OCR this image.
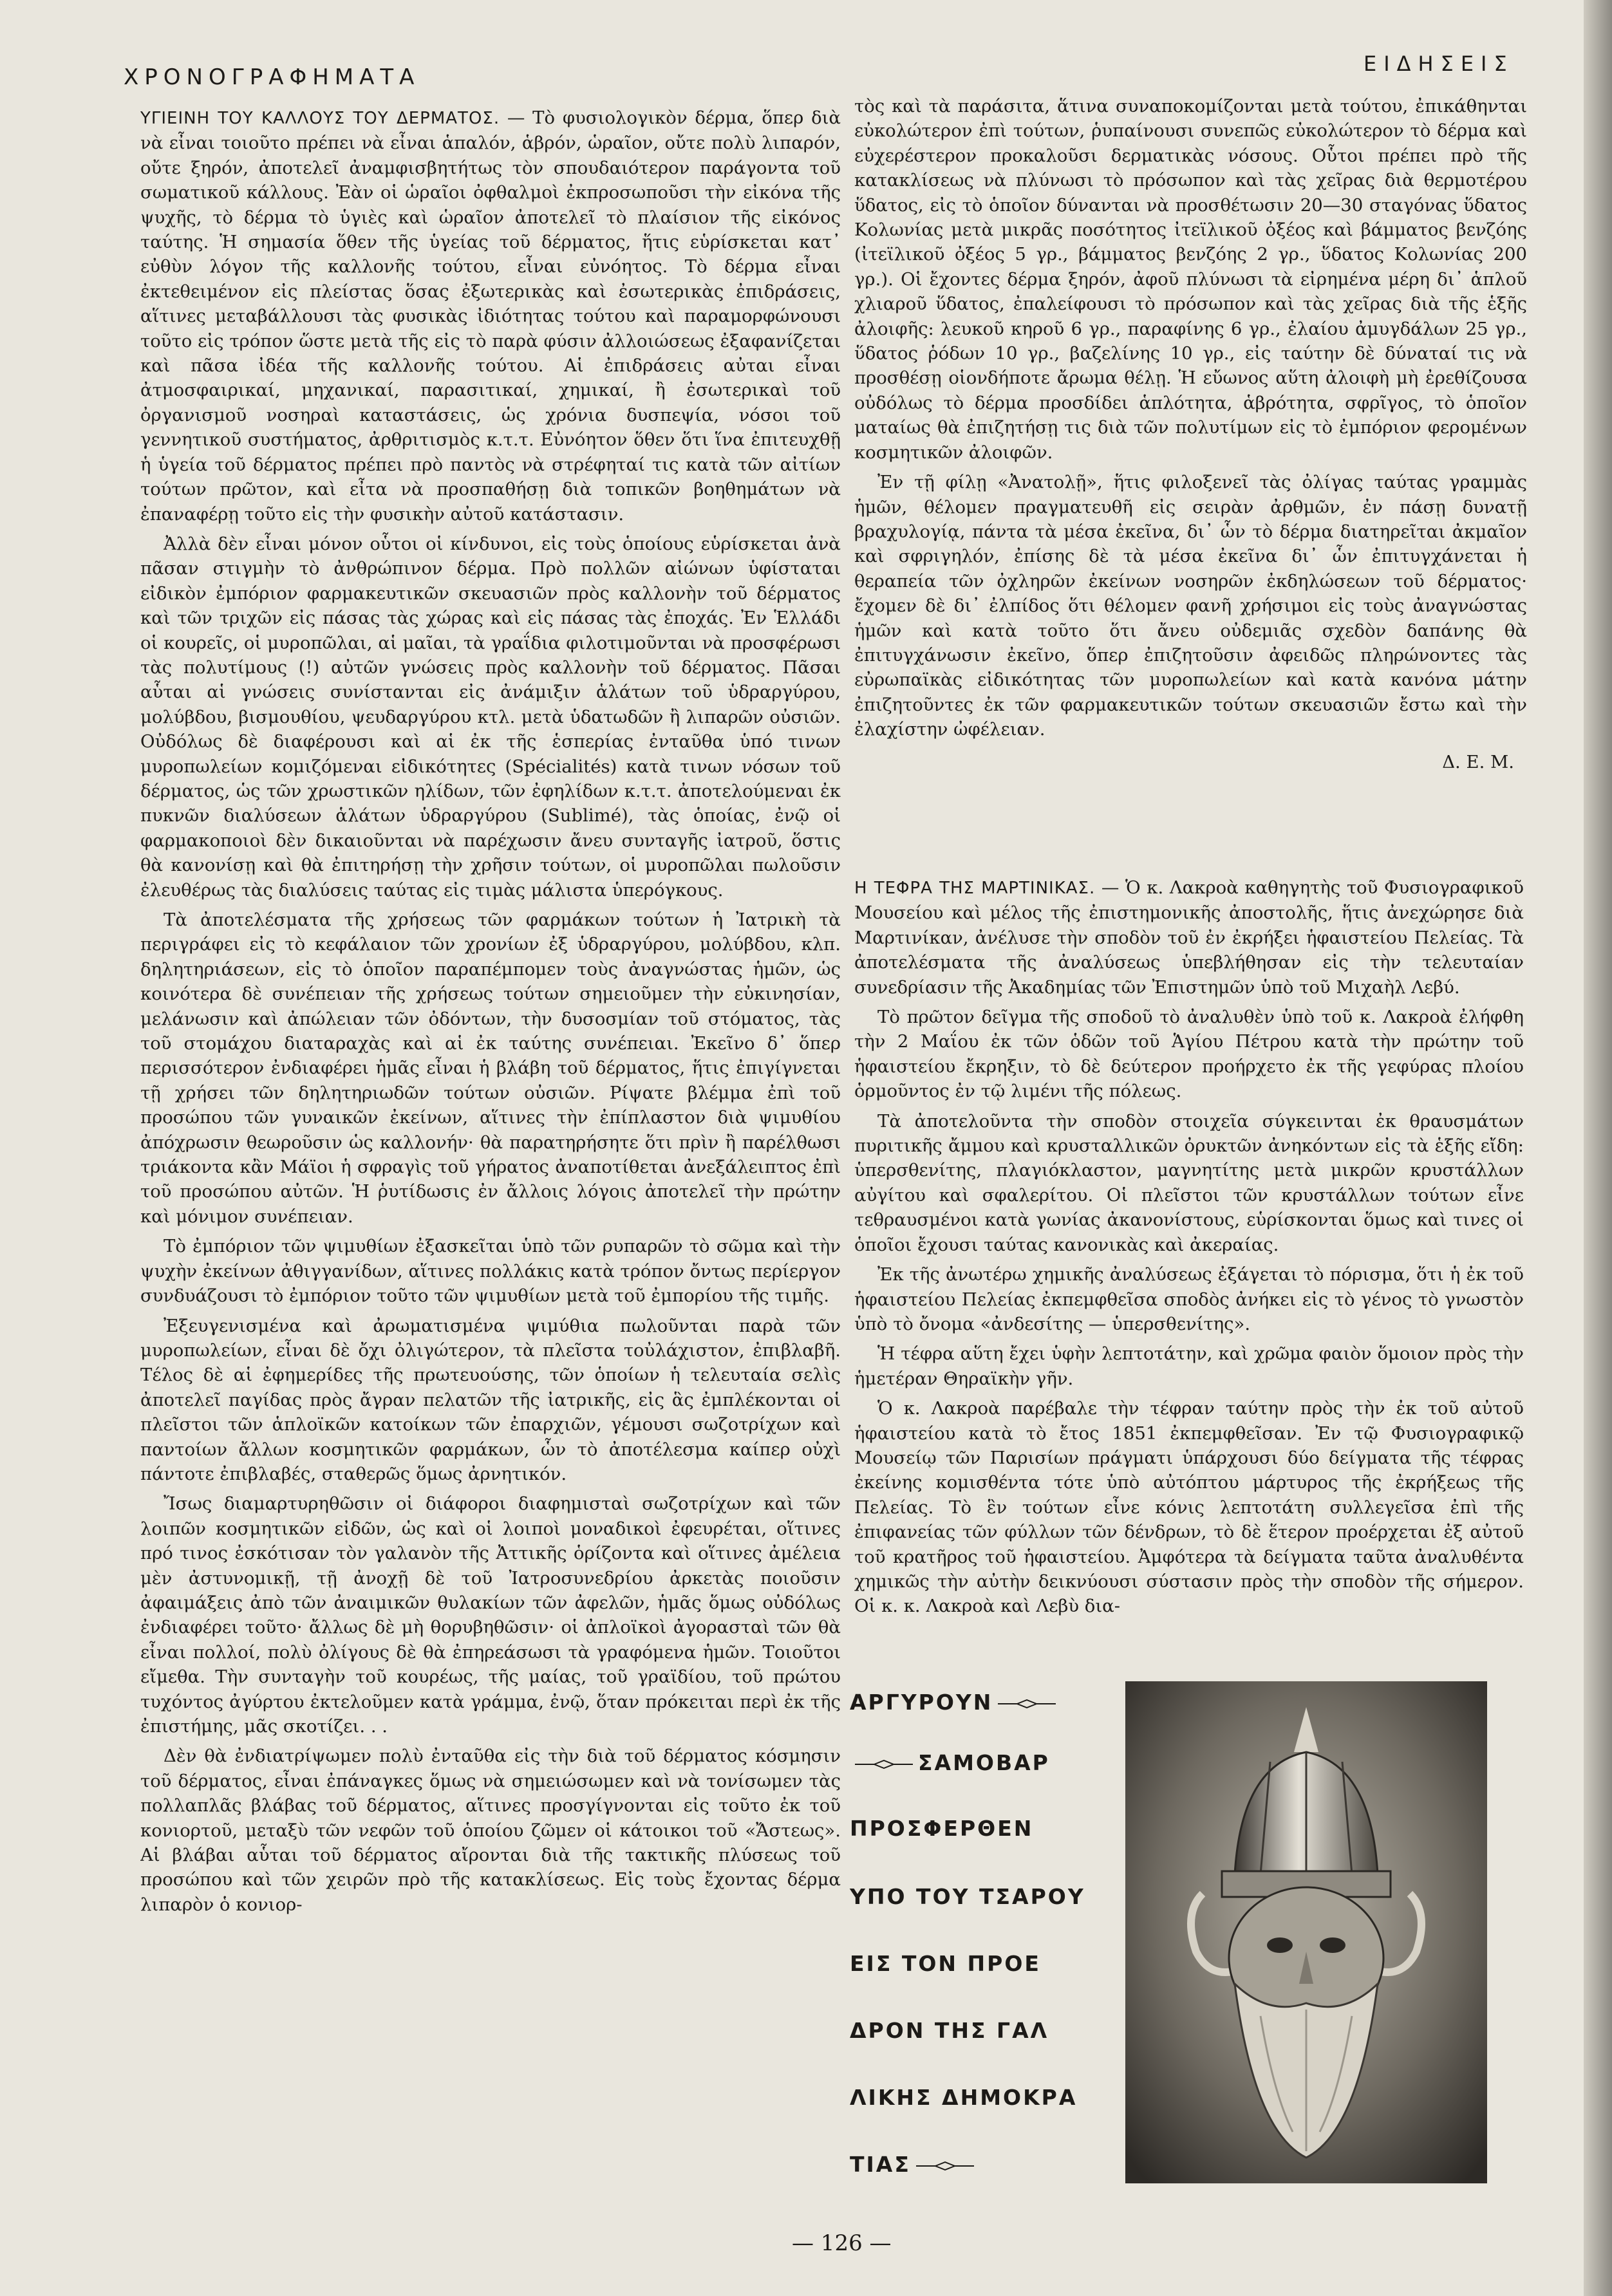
ΧΡΟΝΟΓΡΑΦΗΜΑΤΑ
ΕΙΔΗΣΕΙΣ

ΥΓΙΕΙΝΗ ΤΟΥ ΚΑΛΛΟΥΣ ΤΟΥ ΔΕΡΜΑΤΟΣ. — Τὸ φυσιολογικὸν δέρμα, ὅπερ διὰ νὰ εἶναι τοιοῦτο πρέπει νὰ εἶναι ἁπαλόν, ἁβρόν, ὡραῖον, οὔτε πολὺ λιπαρόν, οὔτε ξηρόν, ἀποτελεῖ ἀναμφισβητήτως τὸν σπουδαιότερον παράγοντα τοῦ σωματικοῦ κάλλους. Ἐὰν οἱ ὡραῖοι ὀφθαλμοὶ ἐκπροσωποῦσι τὴν εἰκόνα τῆς ψυχῆς, τὸ δέρμα τὸ ὑγιὲς καὶ ὡραῖον ἀποτελεῖ τὸ πλαίσιον τῆς εἰκόνος ταύτης. Ἡ σημασία ὅθεν τῆς ὑγείας τοῦ δέρματος, ἥτις εὑρίσκεται κατ᾿ εὐθὺν λόγον τῆς καλλονῆς τούτου, εἶναι εὐνόητος. Τὸ δέρμα εἶναι ἐκτεθειμένον εἰς πλείστας ὅσας ἐξωτερικὰς καὶ ἐσωτερικὰς ἐπιδράσεις, αἵτινες μεταβάλλουσι τὰς φυσικὰς ἰδιότητας τούτου καὶ παραμορφώνουσι τοῦτο εἰς τρόπον ὥστε μετὰ τῆς εἰς τὸ παρὰ φύσιν ἀλλοιώσεως ἐξαφανίζεται καὶ πᾶσα ἰδέα τῆς καλλονῆς τούτου. Αἱ ἐπιδράσεις αὐται εἶναι ἀτμοσφαιρικαί, μηχανικαί, παρασιτικαί, χημικαί, ἢ ἐσωτερικαὶ τοῦ ὀργανισμοῦ νοσηραὶ καταστάσεις, ὡς χρόνια δυσπεψία, νόσοι τοῦ γεννητικοῦ συστήματος, ἀρθριτισμὸς κ.τ.τ. Εὐνόητον ὅθεν ὅτι ἵνα ἐπιτευχθῇ ἡ ὑγεία τοῦ δέρματος πρέπει πρὸ παντὸς νὰ στρέφηταί τις κατὰ τῶν αἰτίων τούτων πρῶτον, καὶ εἶτα νὰ προσπαθήσῃ διὰ τοπικῶν βοηθημάτων νὰ ἐπαναφέρῃ τοῦτο εἰς τὴν φυσικὴν αὐτοῦ κατάστασιν.

Ἀλλὰ δὲν εἶναι μόνον οὗτοι οἱ κίνδυνοι, εἰς τοὺς ὁποίους εὑρίσκεται ἀνὰ πᾶσαν στιγμὴν τὸ ἀνθρώπινον δέρμα. Πρὸ πολλῶν αἰώνων ὑφίσταται εἰδικὸν ἐμπόριον φαρμακευτικῶν σκευασιῶν πρὸς καλλονὴν τοῦ δέρματος καὶ τῶν τριχῶν εἰς πάσας τὰς χώρας καὶ εἰς πάσας τὰς ἐποχάς. Ἐν Ἑλλάδι οἱ κουρεῖς, οἱ μυροπῶλαι, αἱ μαῖαι, τὰ γραΐδια φιλοτιμοῦνται νὰ προσφέρωσι τὰς πολυτίμους (!) αὐτῶν γνώσεις πρὸς καλλονὴν τοῦ δέρματος. Πᾶσαι αὗται αἱ γνώσεις συνίστανται εἰς ἀνάμιξιν ἁλάτων τοῦ ὑδραργύρου, μολύβδου, βισμουθίου, ψευδαργύρου κτλ. μετὰ ὑδατωδῶν ἢ λιπαρῶν οὐσιῶν. Οὐδόλως δὲ διαφέρουσι καὶ αἱ ἐκ τῆς ἑσπερίας ἐνταῦθα ὑπό τινων μυροπωλείων κομιζόμεναι εἰδικότητες (Spécialités) κατὰ τινων νόσων τοῦ δέρματος, ὡς τῶν χρωστικῶν ηλίδων, τῶν ἐφηλίδων κ.τ.τ. ἀποτελούμεναι ἐκ πυκνῶν διαλύσεων ἁλάτων ὑδραργύρου (Sublimé), τὰς ὁποίας, ἐνῷ οἱ φαρμακοποιοὶ δὲν δικαιοῦνται νὰ παρέχωσιν ἄνευ συνταγῆς ἰατροῦ, ὅστις θὰ κανονίσῃ καὶ θὰ ἐπιτηρήσῃ τὴν χρῆσιν τούτων, οἱ μυροπῶλαι πωλοῦσιν ἐλευθέρως τὰς διαλύσεις ταύτας εἰς τιμὰς μάλιστα ὑπερόγκους.

Τὰ ἀποτελέσματα τῆς χρήσεως τῶν φαρμάκων τούτων ἡ Ἰατρικὴ τὰ περιγράφει εἰς τὸ κεφάλαιον τῶν χρονίων ἐξ ὑδραργύρου, μολύβδου, κλπ. δηλητηριάσεων, εἰς τὸ ὁποῖον παραπέμπομεν τοὺς ἀναγνώστας ἡμῶν, ὡς κοινότερα δὲ συνέπειαν τῆς χρήσεως τούτων σημειοῦμεν τὴν εὐκινησίαν, μελάνωσιν καὶ ἀπώλειαν τῶν ὀδόντων, τὴν δυσοσμίαν τοῦ στόματος, τὰς τοῦ στομάχου διαταραχὰς καὶ αἱ ἐκ ταύτης συνέπειαι. Ἐκεῖνο δ᾿ ὅπερ περισσότερον ἐνδιαφέρει ἡμᾶς εἶναι ἡ βλάβη τοῦ δέρματος, ἥτις ἐπιγίγνεται τῇ χρήσει τῶν δηλητηριωδῶν τούτων οὐσιῶν. Ρίψατε βλέμμα ἐπὶ τοῦ προσώπου τῶν γυναικῶν ἐκείνων, αἵτινες τὴν ἐπίπλαστον διὰ ψιμυθίου ἀπόχρωσιν θεωροῦσιν ὡς καλλονήν· θὰ παρατηρήσητε ὅτι πρὶν ἢ παρέλθωσι τριάκοντα κἂν Μάϊοι ἡ σφραγὶς τοῦ γήρατος ἀναποτίθεται ἀνεξάλειπτος ἐπὶ τοῦ προσώπου αὐτῶν. Ἡ ῥυτίδωσις ἐν ἄλλοις λόγοις ἀποτελεῖ τὴν πρώτην καὶ μόνιμον συνέπειαν.

Τὸ ἐμπόριον τῶν ψιμυθίων ἐξασκεῖται ὑπὸ τῶν ρυπαρῶν τὸ σῶμα καὶ τὴν ψυχὴν ἐκείνων ἀθιγγανίδων, αἵτινες πολλάκις κατὰ τρόπον ὄντως περίεργον συνδυάζουσι τὸ ἐμπόριον τοῦτο τῶν ψιμυθίων μετὰ τοῦ ἐμπορίου τῆς τιμῆς.

Ἐξευγενισμένα καὶ ἀρωματισμένα ψιμύθια πωλοῦνται παρὰ τῶν μυροπωλείων, εἶναι δὲ ὄχι ὀλιγώτερον, τὰ πλεῖστα τοὐλάχιστον, ἐπιβλαβῆ. Τέλος δὲ αἱ ἐφημερίδες τῆς πρωτευούσης, τῶν ὁποίων ἡ τελευταία σελὶς ἀποτελεῖ παγίδας πρὸς ἄγραν πελατῶν τῆς ἰατρικῆς, εἰς ἃς ἐμπλέκονται οἱ πλεῖστοι τῶν ἁπλοϊκῶν κατοίκων τῶν ἐπαρχιῶν, γέμουσι σωζοτρίχων καὶ παντοίων ἄλλων κοσμητικῶν φαρμάκων, ὧν τὸ ἀποτέλεσμα καίπερ οὐχὶ πάντοτε ἐπιβλαβές, σταθερῶς ὅμως ἀρνητικόν.

Ἴσως διαμαρτυρηθῶσιν οἱ διάφοροι διαφημισταὶ σωζοτρίχων καὶ τῶν λοιπῶν κοσμητικῶν εἰδῶν, ὡς καὶ οἱ λοιποὶ μοναδικοὶ ἐφευρέται, οἵτινες πρό τινος ἐσκότισαν τὸν γαλανὸν τῆς Ἀττικῆς ὁρίζοντα καὶ οἵτινες ἀμέλεια μὲν ἀστυνομικῇ, τῇ ἀνοχῇ δὲ τοῦ Ἰατροσυνεδρίου ἀρκετὰς ποιοῦσιν ἀφαιμάξεις ἀπὸ τῶν ἀναιμικῶν θυλακίων τῶν ἀφελῶν, ἡμᾶς ὅμως οὐδόλως ἐνδιαφέρει τοῦτο· ἄλλως δὲ μὴ θορυβηθῶσιν· οἱ ἀπλοϊκοὶ ἀγορασταὶ τῶν θὰ εἶναι πολλοί, πολὺ ὀλίγους δὲ θὰ ἐπηρεάσωσι τὰ γραφόμενα ἡμῶν. Τοιοῦτοι εἴμεθα. Τὴν συνταγὴν τοῦ κουρέως, τῆς μαίας, τοῦ γραϊδίου, τοῦ πρώτου τυχόντος ἀγύρτου ἐκτελοῦμεν κατὰ γράμμα, ἐνῷ, ὅταν πρόκειται περὶ ἐκ τῆς ἐπιστήμης, μᾶς σκοτίζει. . .

Δὲν θὰ ἐνδιατρίψωμεν πολὺ ἐνταῦθα εἰς τὴν διὰ τοῦ δέρματος κόσμησιν τοῦ δέρματος, εἶναι ἐπάναγκες ὅμως νὰ σημειώσωμεν καὶ νὰ τονίσωμεν τὰς πολλαπλᾶς βλάβας τοῦ δέρματος, αἵτινες προσγίγνονται εἰς τοῦτο ἐκ τοῦ κονιορτοῦ, μεταξὺ τῶν νεφῶν τοῦ ὁποίου ζῶμεν οἱ κάτοικοι τοῦ «Ἄστεως». Αἱ βλάβαι αὗται τοῦ δέρματος αἴρονται διὰ τῆς τακτικῆς πλύσεως τοῦ προσώπου καὶ τῶν χειρῶν πρὸ τῆς κατακλίσεως. Εἰς τοὺς ἔχοντας δέρμα λιπαρὸν ὁ κονιορ-

τὸς καὶ τὰ παράσιτα, ἅτινα συναποκομίζονται μετὰ τούτου, ἐπικάθηνται εὐκολώτερον ἐπὶ τούτων, ῥυπαίνουσι συνεπῶς εὐκολώτερον τὸ δέρμα καὶ εὐχερέστερον προκαλοῦσι δερματικὰς νόσους. Οὗτοι πρέπει πρὸ τῆς κατακλίσεως νὰ πλύνωσι τὸ πρόσωπον καὶ τὰς χεῖρας διὰ θερμοτέρου ὕδατος, εἰς τὸ ὁποῖον δύνανται νὰ προσθέτωσιν 20—30 σταγόνας ὕδατος Κολωνίας μετὰ μικρᾶς ποσότητος ἰτεϊλικοῦ ὀξέος καὶ βάμματος βενζόης (ἰτεϊλικοῦ ὀξέος 5 γρ., βάμματος βενζόης 2 γρ., ὕδατος Κολωνίας 200 γρ.). Οἱ ἔχοντες δέρμα ξηρόν, ἀφοῦ πλύνωσι τὰ εἰρημένα μέρη δι᾿ ἁπλοῦ χλιαροῦ ὕδατος, ἐπαλείφουσι τὸ πρόσωπον καὶ τὰς χεῖρας διὰ τῆς ἑξῆς ἀλοιφῆς: λευκοῦ κηροῦ 6 γρ., παραφίνης 6 γρ., ἐλαίου ἀμυγδάλων 25 γρ., ὕδατος ῥόδων 10 γρ., βαζελίνης 10 γρ., εἰς ταύτην δὲ δύναταί τις νὰ προσθέσῃ οἱονδήποτε ἄρωμα θέλῃ. Ἡ εὔωνος αὕτη ἀλοιφὴ μὴ ἐρεθίζουσα οὐδόλως τὸ δέρμα προσδίδει ἁπλότητα, ἁβρότητα, σφρῖγος, τὸ ὁποῖον ματαίως θὰ ἐπιζητήσῃ τις διὰ τῶν πολυτίμων εἰς τὸ ἐμπόριον φερομένων κοσμητικῶν ἀλοιφῶν.

Ἐν τῇ φίλῃ «Ἀνατολῇ», ἥτις φιλοξενεῖ τὰς ὀλίγας ταύτας γραμμὰς ἡμῶν, θέλομεν πραγματευθῆ εἰς σειρὰν ἀρθμῶν, ἐν πάσῃ δυνατῇ βραχυλογίᾳ, πάντα τὰ μέσα ἐκεῖνα, δι᾿ ὧν τὸ δέρμα διατηρεῖται ἀκμαῖον καὶ σφριγηλόν, ἐπίσης δὲ τὰ μέσα ἐκεῖνα δι᾿ ὧν ἐπιτυγχάνεται ἡ θεραπεία τῶν ὀχληρῶν ἐκείνων νοσηρῶν ἐκδηλώσεων τοῦ δέρματος· ἔχομεν δὲ δι᾿ ἐλπίδος ὅτι θέλομεν φανῆ χρήσιμοι εἰς τοὺς ἀναγνώστας ἡμῶν καὶ κατὰ τοῦτο ὅτι ἄνευ οὐδεμιᾶς σχεδὸν δαπάνης θὰ ἐπιτυγχάνωσιν ἐκεῖνο, ὅπερ ἐπιζητοῦσιν ἀφειδῶς πληρώνοντες τὰς εὐρωπαϊκὰς εἰδικότητας τῶν μυροπωλείων καὶ κατὰ κανόνα μάτην ἐπιζητοῦντες ἐκ τῶν φαρμακευτικῶν τούτων σκευασιῶν ἔστω καὶ τὴν ἐλαχίστην ὠφέλειαν.

Δ. Ε. Μ.

Η ΤΕΦΡΑ ΤΗΣ ΜΑΡΤΙΝΙΚΑΣ. — Ὁ κ. Λακροὰ καθηγητὴς τοῦ Φυσιογραφικοῦ Μουσείου καὶ μέλος τῆς ἐπιστημονικῆς ἀποστολῆς, ἥτις ἀνεχώρησε διὰ Μαρτινίκαν, ἀνέλυσε τὴν σποδὸν τοῦ ἐν ἐκρήξει ἡφαιστείου Πελείας. Τὰ ἀποτελέσματα τῆς ἀναλύσεως ὑπεβλήθησαν εἰς τὴν τελευταίαν συνεδρίασιν τῆς Ἀκαδημίας τῶν Ἐπιστημῶν ὑπὸ τοῦ Μιχαὴλ Λεβύ.

Τὸ πρῶτον δεῖγμα τῆς σποδοῦ τὸ ἀναλυθὲν ὑπὸ τοῦ κ. Λακροὰ ἐλήφθη τὴν 2 Μαΐου ἐκ τῶν ὁδῶν τοῦ Ἁγίου Πέτρου κατὰ τὴν πρώτην τοῦ ἡφαιστείου ἔκρηξιν, τὸ δὲ δεύτερον προήρχετο ἐκ τῆς γεφύρας πλοίου ὁρμοῦντος ἐν τῷ λιμένι τῆς πόλεως.

Τὰ ἀποτελοῦντα τὴν σποδὸν στοιχεῖα σύγκεινται ἐκ θραυσμάτων πυριτικῆς ἄμμου καὶ κρυσταλλικῶν ὀρυκτῶν ἀνηκόντων εἰς τὰ ἑξῆς εἴδη: ὑπερσθενίτης, πλαγιόκλαστον, μαγνητίτης μετὰ μικρῶν κρυστάλλων αὐγίτου καὶ σφαλερίτου. Οἱ πλεῖστοι τῶν κρυστάλλων τούτων εἶνε τεθραυσμένοι κατὰ γωνίας ἀκανονίστους, εὑρίσκονται ὅμως καὶ τινες οἱ ὁποῖοι ἔχουσι ταύτας κανονικὰς καὶ ἀκεραίας.

Ἐκ τῆς ἀνωτέρω χημικῆς ἀναλύσεως ἐξάγεται τὸ πόρισμα, ὅτι ἡ ἐκ τοῦ ἡφαιστείου Πελείας ἐκπεμφθεῖσα σποδὸς ἀνήκει εἰς τὸ γένος τὸ γνωστὸν ὑπὸ τὸ ὄνομα «ἀνδεσίτης — ὑπερσθενίτης».

Ἡ τέφρα αὕτη ἔχει ὑφὴν λεπτοτάτην, καὶ χρῶμα φαιὸν ὅμοιον πρὸς τὴν ἡμετέραν Θηραϊκὴν γῆν.

Ὁ κ. Λακροὰ παρέβαλε τὴν τέφραν ταύτην πρὸς τὴν ἐκ τοῦ αὐτοῦ ἡφαιστείου κατὰ τὸ ἔτος 1851 ἐκπεμφθεῖσαν. Ἐν τῷ Φυσιογραφικῷ Μουσείῳ τῶν Παρισίων πράγματι ὑπάρχουσι δύο δείγματα τῆς τέφρας ἐκείνης κομισθέντα τότε ὑπὸ αὐτόπτου μάρτυρος τῆς ἐκρήξεως τῆς Πελείας. Τὸ ἓν τούτων εἶνε κόνις λεπτοτάτη συλλεγεῖσα ἐπὶ τῆς ἐπιφανείας τῶν φύλλων τῶν δένδρων, τὸ δὲ ἕτερον προέρχεται ἐξ αὐτοῦ τοῦ κρατῆρος τοῦ ἡφαιστείου. Ἀμφότερα τὰ δείγματα ταῦτα ἀναλυθέντα χημικῶς τὴν αὐτὴν δεικνύουσι σύστασιν πρὸς τὴν σποδὸν τῆς σήμερον. Οἱ κ. κ. Λακροὰ καὶ Λεβὺ δια-

ΑΡΓΥΡΟΥΝ
ΣΑΜΟΒΑΡ
ΠΡΟΣΦΕΡΘΕΝ
ΥΠΟ ΤΟΥ ΤΣΑΡΟΥ
ΕΙΣ ΤΟΝ ΠΡΟΕ
ΔΡΟΝ ΤΗΣ ΓΑΛ
ΛΙΚΗΣ ΔΗΜΟΚΡΑ
ΤΙΑΣ
— 126 —
